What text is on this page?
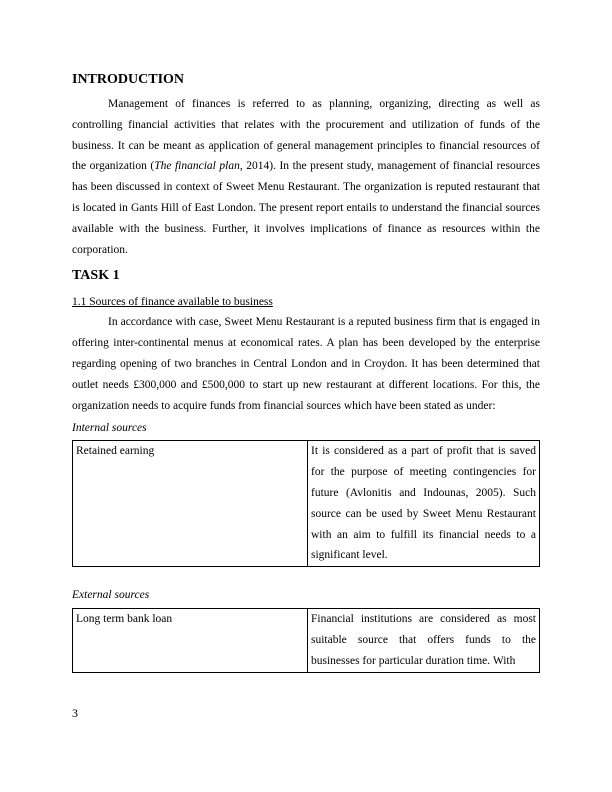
INTRODUCTION

Management of finances is referred to as planning, organizing, directing as well as controlling financial activities that relates with the procurement and utilization of funds of the business. It can be meant as application of general management principles to financial resources of the organization (The financial plan, 2014). In the present study, management of financial resources has been discussed in context of Sweet Menu Restaurant. The organization is reputed restaurant that is located in Gants Hill of East London. The present report entails to understand the financial sources available with the business. Further, it involves implications of finance as resources within the corporation.

TASK 1

1.1 Sources of finance available to business

In accordance with case, Sweet Menu Restaurant is a reputed business firm that is engaged in offering inter-continental menus at economical rates. A plan has been developed by the enterprise regarding opening of two branches in Central London and in Croydon. It has been determined that outlet needs £300,000 and £500,000 to start up new restaurant at different locations. For this, the organization needs to acquire funds from financial sources which have been stated as under:

Internal sources

Retained earning	It is considered as a part of profit that is saved for the purpose of meeting contingencies for future (Avlonitis and Indounas, 2005). Such source can be used by Sweet Menu Restaurant with an aim to fulfill its financial needs to a significant level.

External sources

Long term bank loan	Financial institutions are considered as most suitable source that offers funds to the businesses for particular duration time. With
3
